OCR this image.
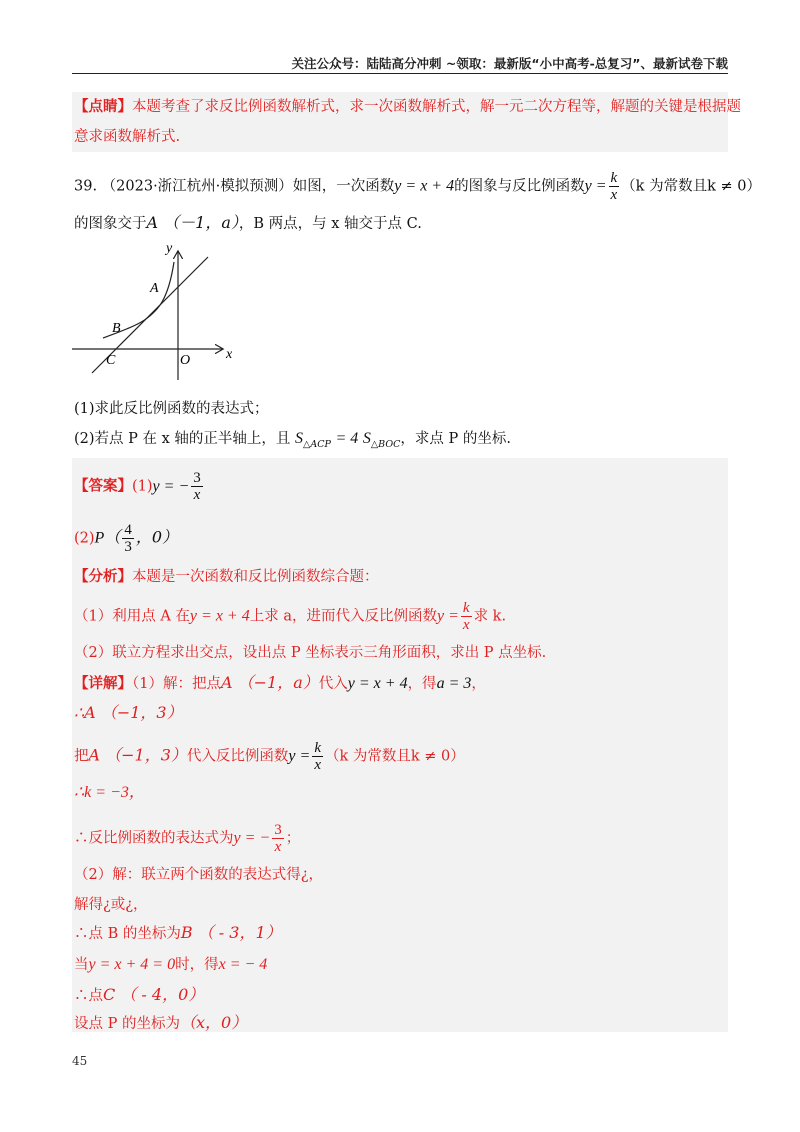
关注公众号：陆陆高分冲刺 ~领取：最新版“小中高考-总复习”、最新试卷下载
【点睛】本题考查了求反比例函数解析式，求一次函数解析式，解一元二次方程等，解题的关键是根据题
意求函数解析式.
39. （2023·浙江杭州·模拟预测）如图，一次函数y = x + 4的图象与反比例函数$y = \frac{k}{x} (k$ 为常数且k ≠ 0）
的图象交于A （－1，a），B 两点，与 x 轴交于点 C.
y
x
A
B
C	O
(1)求此反比例函数的表达式；
(2)若点 P 在 x 轴的正半轴上，且 $S_{\triangle ACP} = 4$ $S_{\triangle BOC}$，求点 P 的坐标.
【答案】(1)y = − $\frac{3}{x}$
$(2)P( \frac{4}{3}$ ，0）
【分析】本题是一次函数和反比例函数综合题：
（1）利用点 A 在y = x + 4上求 a，进而代入反比例函数$y = \frac{k}{x}$ 求 k.
（2）联立方程求出交点，设出点 P 坐标表示三角形面积，求出 P 点坐标.
【详解】（1）解：把点A （−1，a）代入y = x + 4，得a = 3，
∴A （−1，3）
把A （−1，3）代入反比例函数$y = \frac{k}{x} (k$ 为常数且k ≠ 0）
∴k = −3，
∴反比例函数的表达式为y = − $\frac{3}{x}$ ；
（2）解：联立两个函数的表达式得¿，
解得¿或¿，
∴点 B 的坐标为B （ - 3，1）
当y = x + 4 = 0时，得x = − 4
∴点C （ - 4，0）
设点 P 的坐标为（x，0）
45
